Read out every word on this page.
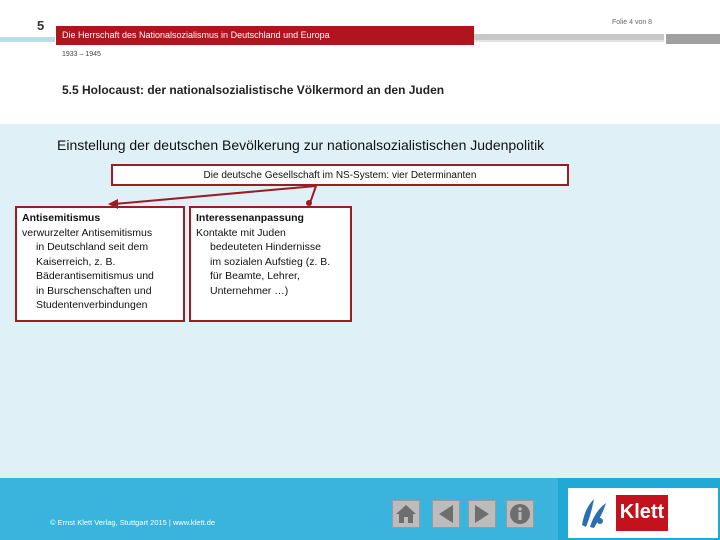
5
Die Herrschaft des Nationalsozialismus in Deutschland und Europa
Folie 4 von 8
1933 – 1945
5.5 Holocaust: der nationalsozialistische Völkermord an den Juden
Einstellung der deutschen Bevölkerung zur nationalsozialistischen Judenpolitik
Die deutsche Gesellschaft im NS-System: vier Determinanten
Antisemitismus
verwurzelter Antisemitismus
in Deutschland seit dem
Kaiserreich, z. B.
Bäderantisemitismus und
in Burschenschaften und
Studentenverbindungen
Interessenanpassung
Kontakte mit Juden
bedeuteten Hindernisse
im sozialen Aufstieg (z. B.
für Beamte, Lehrer,
Unternehmer …)
© Ernst Klett Verlag, Stuttgart 2015 | www.klett.de	Klett
